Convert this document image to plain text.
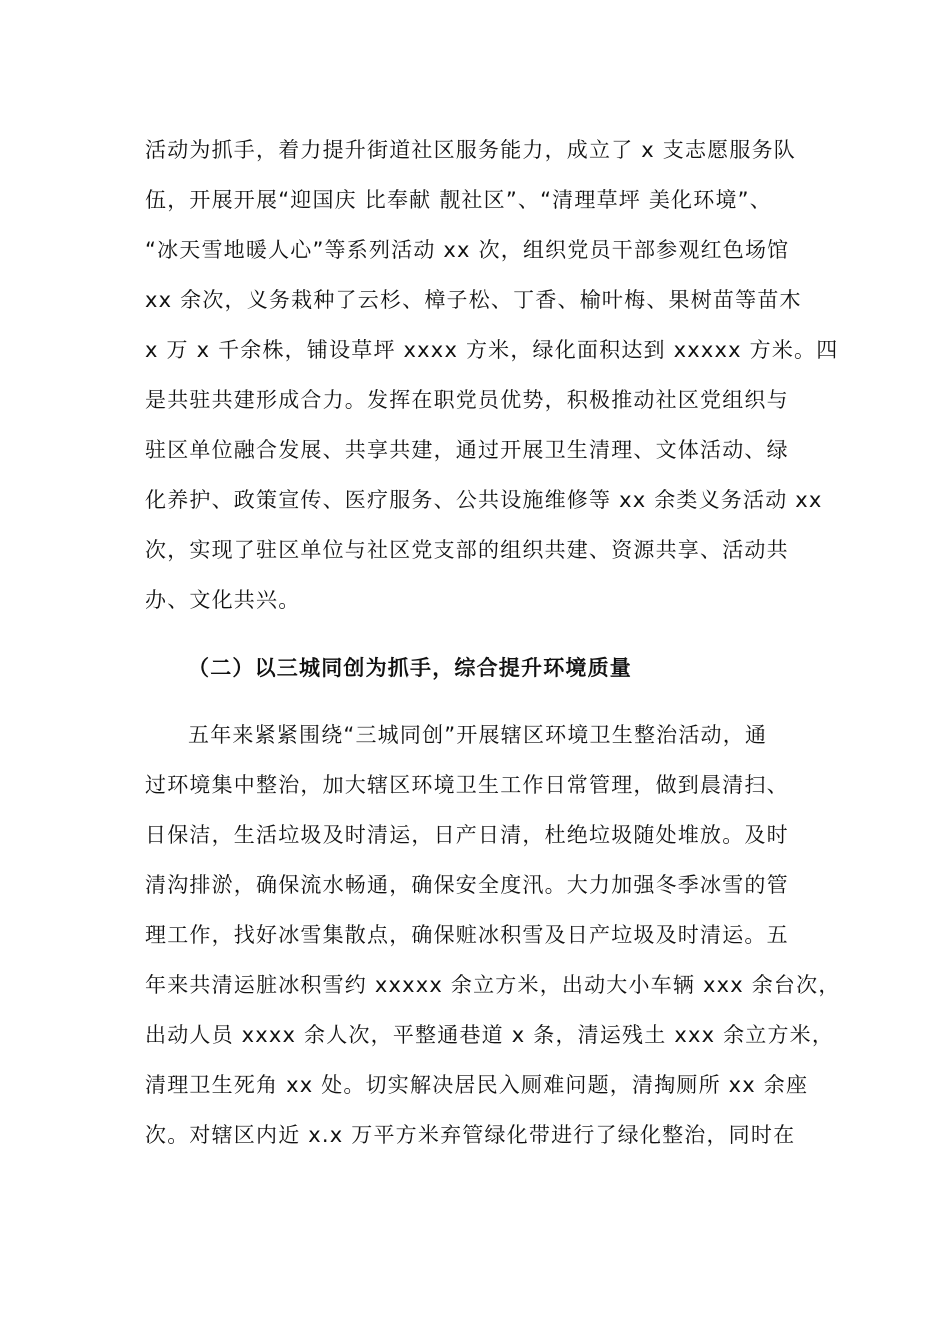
活动为抓手，着力提升街道社区服务能力，成立了 x 支志愿服务队
伍，开展开展“迎国庆 比奉献 靓社区”、“清理草坪 美化环境”、
“冰天雪地暖人心”等系列活动 xx 次，组织党员干部参观红色场馆
xx 余次，义务栽种了云杉、樟子松、丁香、榆叶梅、果树苗等苗木
x 万 x 千余株，铺设草坪 xxxx 方米，绿化面积达到 xxxxx 方米。四
是共驻共建形成合力。发挥在职党员优势，积极推动社区党组织与
驻区单位融合发展、共享共建，通过开展卫生清理、文体活动、绿
化养护、政策宣传、医疗服务、公共设施维修等 xx 余类义务活动 xx
次，实现了驻区单位与社区党支部的组织共建、资源共享、活动共
办、文化共兴。
（二）以三城同创为抓手，综合提升环境质量
五年来紧紧围绕“三城同创”开展辖区环境卫生整治活动，通
过环境集中整治，加大辖区环境卫生工作日常管理，做到晨清扫、
日保洁，生活垃圾及时清运，日产日清，杜绝垃圾随处堆放。及时
清沟排淤，确保流水畅通，确保安全度汛。大力加强冬季冰雪的管
理工作，找好冰雪集散点，确保赃冰积雪及日产垃圾及时清运。五
年来共清运脏冰积雪约 xxxxx 余立方米，出动大小车辆 xxx 余台次，
出动人员 xxxx 余人次，平整通巷道 x 条，清运残土 xxx 余立方米，
清理卫生死角 xx 处。切实解决居民入厕难问题，清掏厕所 xx 余座
次。对辖区内近 x.x 万平方米弃管绿化带进行了绿化整治，同时在
